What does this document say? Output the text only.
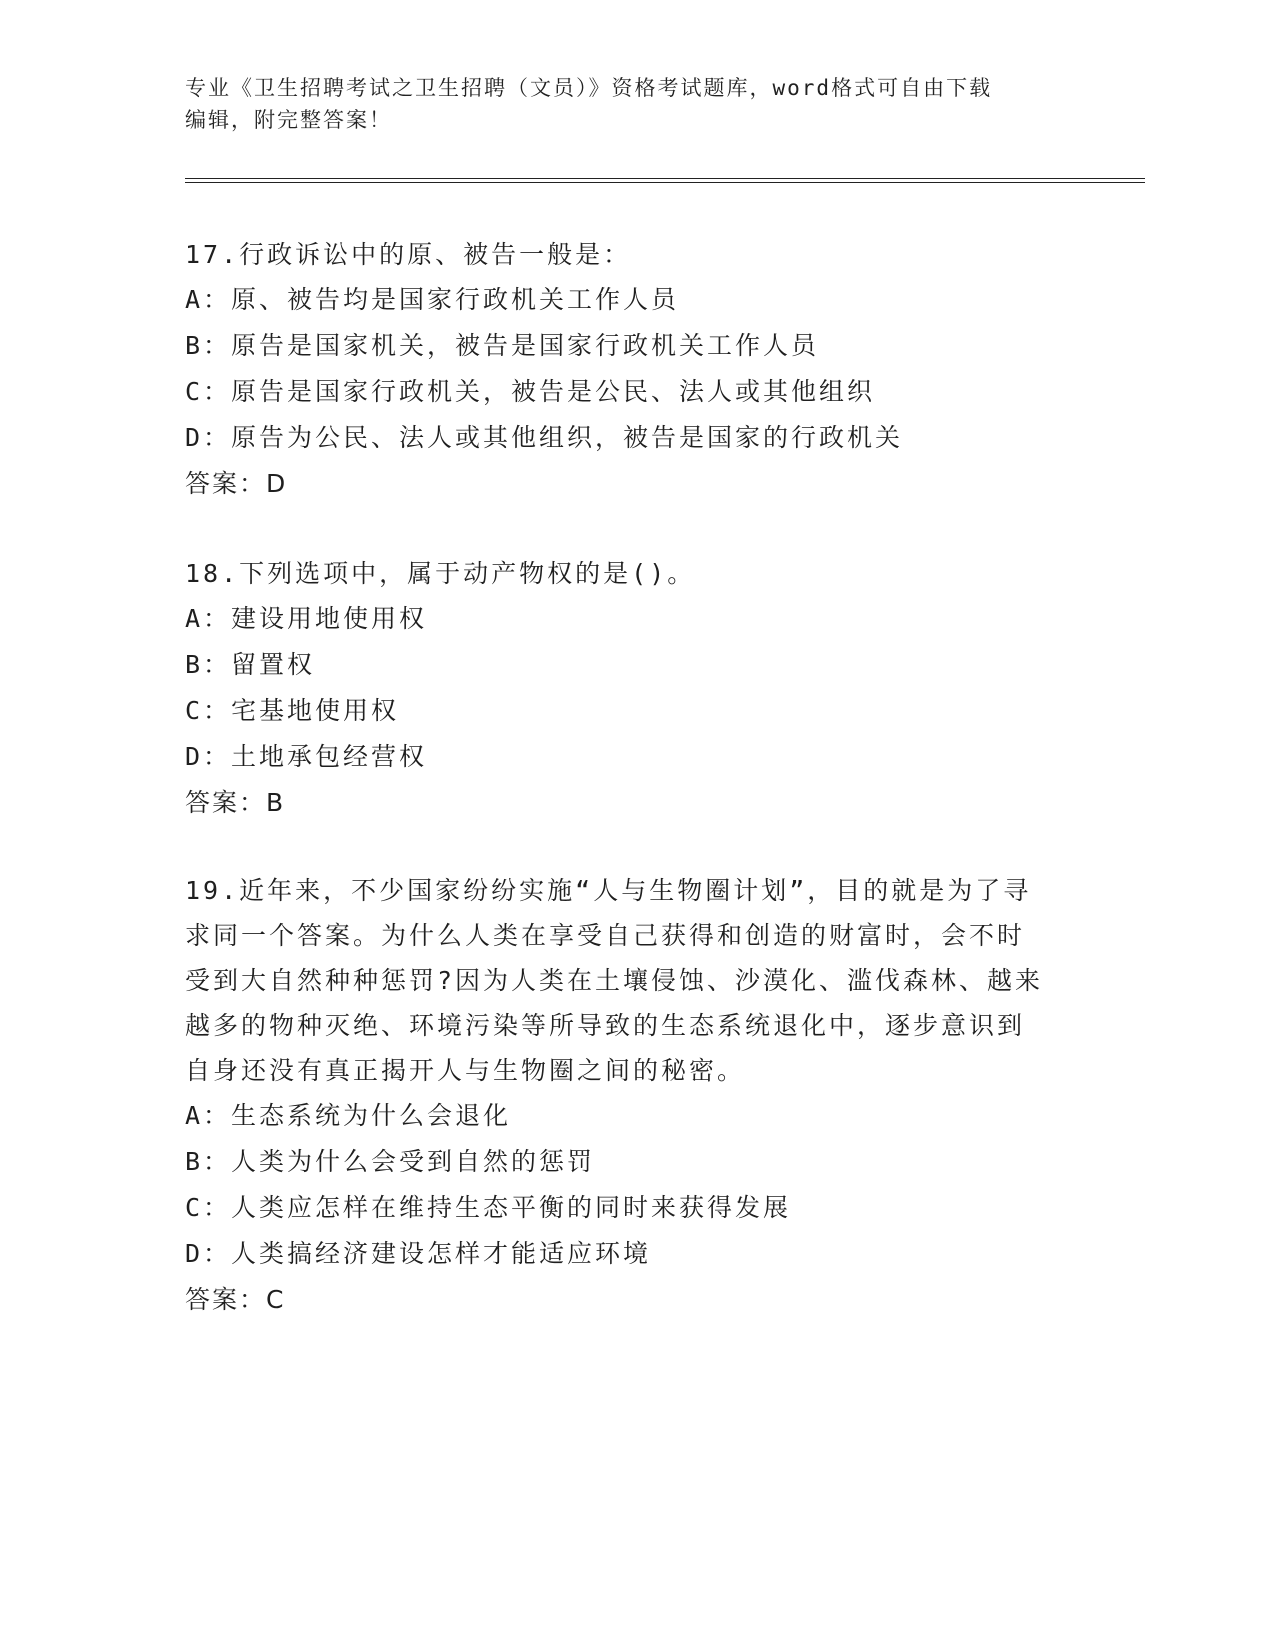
专业《卫生招聘考试之卫生招聘（文员）》资格考试题库，word格式可自由下载
编辑，附完整答案！
17.行政诉讼中的原、被告一般是：
A：原、被告均是国家行政机关工作人员
B：原告是国家机关，被告是国家行政机关工作人员
C：原告是国家行政机关，被告是公民、法人或其他组织
D：原告为公民、法人或其他组织，被告是国家的行政机关
答案：D
18.下列选项中，属于动产物权的是()。
A：建设用地使用权
B：留置权
C：宅基地使用权
D：土地承包经营权
答案：B
19.近年来，不少国家纷纷实施“人与生物圈计划”，目的就是为了寻
求同一个答案。为什么人类在享受自己获得和创造的财富时，会不时
受到大自然种种惩罚?因为人类在土壤侵蚀、沙漠化、滥伐森林、越来
越多的物种灭绝、环境污染等所导致的生态系统退化中，逐步意识到
自身还没有真正揭开人与生物圈之间的秘密。
A：生态系统为什么会退化
B：人类为什么会受到自然的惩罚
C：人类应怎样在维持生态平衡的同时来获得发展
D：人类搞经济建设怎样才能适应环境
答案：C
